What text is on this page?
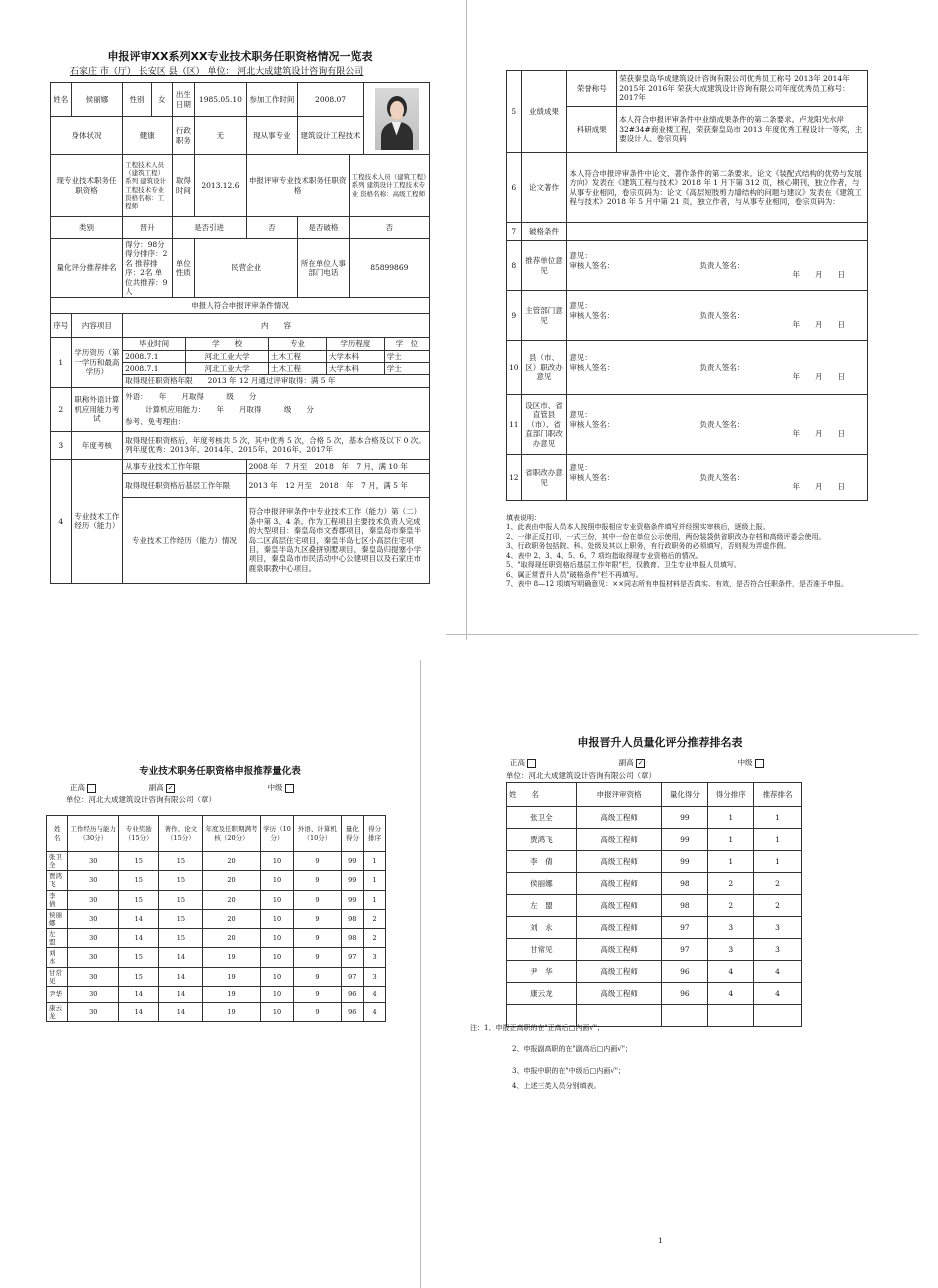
申报评审XX系列XX专业技术职务任职资格情况一览表
石家庄 市（厅） 长安区 县（区） 单位： 河北大成建筑设计咨询有限公司
姓名	侯丽娜	性别	女	出生日期	1985.05.10	参加工作时间	2008.07	

身体状况	健康	行政职务	无	现从事专业	建筑设计工程技术
现专业技术职务任职资格	工程技术人员（建筑工程）系列 建筑设计工程技术专业 资格名称：工程师	取得时间	2013.12.6	申报评审专业技术职务任职资格	工程技术人员（建筑工程）系列 建筑设计工程技术专业 资格名称：高级工程师
类别	晋升	是否引进	否	是否破格	否
量化评分推荐排名	得分：98分 得分排序：2名 推荐排序：2名 单位共推荐：9人	单位性质	民营企业	所在单位人事部门电话	85899869
申报人符合申报评审条件情况
序号	内容项目	内　　容
1	学历资历（第一学历和最高学历）	
毕业时间	学　　校	专业	学历程度	学　位
2008.7.1	河北工业大学	土木工程	大学本科	学士
2008.7.1	河北工业大学	土木工程	大学本科	学士
取得现任职资格年限　　2013 年 12 月通过评审取得：满 5 年

2	职称外语计算机应用能力考试	
外语：　　年　　月取得　　　级　　分
计算机应用能力：　　年　　月取得　　　级　　分
参考、免考理由：

3	年度考核	取得现任职资格后，年度考核共 5 次，其中优秀 5 次，合格 5 次，基本合格及以下 0 次。列年度优秀：2013年、2014年、2015年、2016年、2017年
4	专业技术工作经历（能力）	从事专业技术工作年限	2008 年　7 月至　2018　年　7 月，满 10 年
取得现任职资格后基层工作年限	2013 年　12 月至　2018　年　7 月，满 5 年
专业技术工作经历（能力）情况	符合申报评审条件中专业技术工作（能力）第（二）条中第 3、4 条。作为工程项目主要技术负责人完成的大型项目：秦皇岛市文香郡项目，秦皇岛市秦皇半岛二区高层住宅项目，秦皇半岛七区小高层住宅项目，秦皇半岛九区叠拼别墅项目，秦皇岛归提塞小学项目，秦皇岛市市民活动中心公建项目以及石家庄市鹿泉职教中心项目。
5	业绩成果	荣誉称号	荣获秦皇岛华成建筑设计咨询有限公司优秀员工称号 2013年 2014年 2015年 2016年 荣获大成建筑设计咨询有限公司年度优秀员工称号：2017年
		科研成果	本人符合申报评审条件中业绩成果条件的第二条要求。卢龙阳光水岸 32#34#商业楼工程，荣获秦皇岛市 2013 年度优秀工程设计一等奖，主要设计人、卷宗页码
6	论文著作	本人符合申报评审条件中论文、著作条件的第二条要求。论文《装配式结构的优势与发展方向》发表在《建筑工程与技术》2018 年 1 月下第 312 页，核心期刊，独立作者，与从事专业相同，卷宗页码为：论文《高层短肢剪力墙结构的问题与建议》发表在《建筑工程与技术》2018 年 5 月中第 21 页，独立作者，与从事专业相同，卷宗页码为：	
7	破格条件		
8	推荐单位意见	意见：
审核人签名： 负责人签名：
年　　月　　日	

9	主管部门意见	意见：
审核人签名： 负责人签名：
年　　月　　日	

10	县（市、区）职改办意见	意见：
审核人签名： 负责人签名：
年　　月　　日	

11	设区市、省直管县（市）、省直部门职改办意见	意见：
审核人签名： 负责人签名：
年　　月　　日	

12	省职改办意见	意见：
审核人签名： 负责人签名：
年　　月　　日	
填表说明：
1、此表由申报人员本人按照申报相应专业资格条件填写并经照实审核后，逐级上报。
2、一律正反打印，一式三份，其中一份在单位公示使用，两份装袋供省职改办存档和高级评委会使用。
3、行政职务包括院、科、处级及其以上职务，有行政职务的必须填写，否则视为弄虚作假。
4、表中 2、3、4、5、6、7 项均指取得现专业资格后的情况。
5、"取得现任职资格后基层工作年限"栏，仅教育、卫生专业申报人员填写。
6、属正常晋升人员"破格条件"栏不再填写。
7、表中 8—12 项填写明确意见：××同志所有申报材料是否真实、有效，是否符合任职条件，是否准予申报。
专业技术职务任职资格申报推荐量化表
正高	副高 ✓	中级
单位：河北大成建筑设计咨询有限公司（章）
姓　名	工作经历与能力（30分）	专业奖励（15分）	著作、论文（15分）	年度及任职期满考核（20分）	学历（10分）	外语、计算机（10分）	量化得分	得分排序
张卫全	30	15	15	20	10	9	99	1
贾鸿飞	30	15	15	20	10	9	99	1
李　倩	30	15	15	20	10	9	99	1
侯丽娜	30	14	15	20	10	9	98	2
左　盟	30	14	15	20	10	9	98	2
刘　永	30	15	14	19	10	9	97	3
甘常见	30	15	14	19	10	9	97	3
尹华	30	14	14	19	10	9	96	4
康云龙	30	14	14	19	10	9	96	4
申报晋升人员量化评分推荐排名表
正高	副高 ✓	中级
单位：河北大成建筑设计咨询有限公司（章）
姓　　名	申报评审资格	量化得分	得分排序	推荐排名
张卫全	高级工程师	99	1	1
贾鸿飞	高级工程师	99	1	1
李　倩	高级工程师	99	1	1
侯丽娜	高级工程师	98	2	2
左　盟	高级工程师	98	2	2
刘　永	高级工程师	97	3	3
甘常见	高级工程师	97	3	3
尹　华	高级工程师	96	4	4
康云龙	高级工程师	96	4	4

注：1、申报正高职的在"正高后□内画√"；
2、申报副高职的在"副高后□内画√"；
3、申报中职的在"中级后□内画√"；
4、上述三类人员分别填表。
1
